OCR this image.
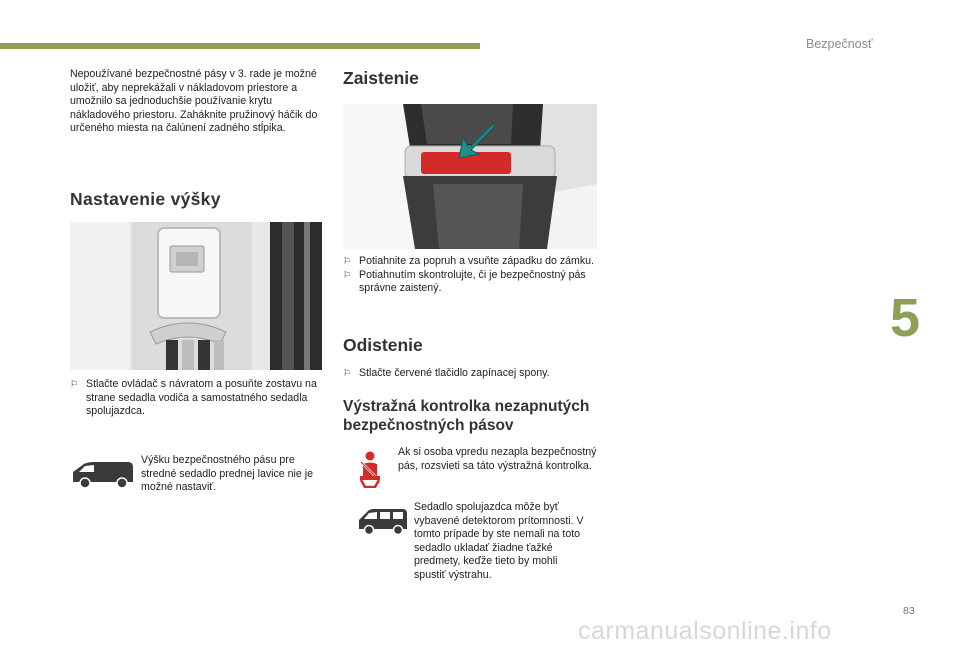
Bezpečnosť
5
83
carmanualsonline.info

Nepoužívané bezpečnostné pásy v 3. rade je možné uložiť, aby neprekážali v nákladovom priestore a umožnilo sa jednoduchšie používanie krytu nákladového priestoru. Zaháknite pružinový háčik do určeného miesta na čalúnení zadného stĺpika.

Nastavenie výšky
⚐ Stlačte ovládač s návratom a posuňte zostavu na strane sedadla vodiča a samostatného sedadla spolujazdca.

Výšku bezpečnostného pásu pre stredné sedadlo prednej lavice nie je možné nastaviť.

Zaistenie
⚐ Potiahnite za popruh a vsuňte západku do zámku.
⚐ Potiahnutím skontrolujte, či je bezpečnostný pás správne zaistený.
Odistenie
⚐ Stlačte červené tlačidlo zapínacej spony.
Výstražná kontrolka nezapnutých
bezpečnostných pásov

Ak si osoba vpredu nezapla bezpečnostný pás, rozsvieti sa táto výstražná kontrolka.

Sedadlo spolujazdca môže byť vybavené detektorom prítomnosti. V tomto prípade by ste nemali na toto sedadlo ukladať žiadne ťažké predmety, keďže tieto by mohli spustiť výstrahu.
